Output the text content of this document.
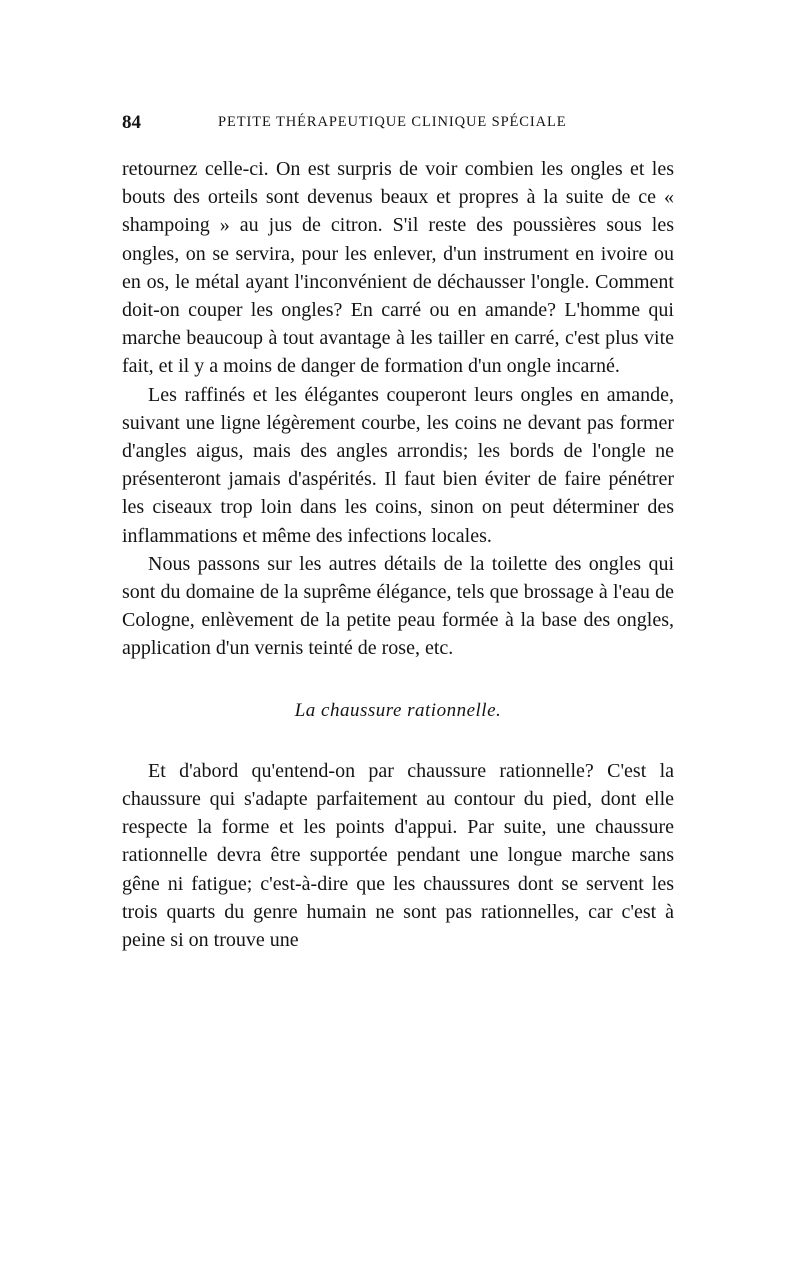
84	PETITE THÉRAPEUTIQUE CLINIQUE SPÉCIALE

retournez celle-ci. On est surpris de voir combien les ongles et les bouts des orteils sont devenus beaux et propres à la suite de ce « shampoing » au jus de citron. S'il reste des poussières sous les ongles, on se servira, pour les enlever, d'un instrument en ivoire ou en os, le métal ayant l'inconvénient de déchausser l'ongle. Comment doit-on couper les ongles? En carré ou en amande? L'homme qui marche beaucoup à tout avantage à les tailler en carré, c'est plus vite fait, et il y a moins de danger de formation d'un ongle incarné.

Les raffinés et les élégantes couperont leurs ongles en amande, suivant une ligne légèrement courbe, les coins ne devant pas former d'angles aigus, mais des angles arrondis; les bords de l'ongle ne présenteront jamais d'aspérités. Il faut bien éviter de faire pénétrer les ciseaux trop loin dans les coins, sinon on peut déterminer des inflammations et même des infections locales.

Nous passons sur les autres détails de la toilette des ongles qui sont du domaine de la suprême élégance, tels que brossage à l'eau de Cologne, enlèvement de la petite peau formée à la base des ongles, application d'un vernis teinté de rose, etc.

La chaussure rationnelle.

Et d'abord qu'entend-on par chaussure rationnelle? C'est la chaussure qui s'adapte parfaitement au contour du pied, dont elle respecte la forme et les points d'appui. Par suite, une chaussure rationnelle devra être supportée pendant une longue marche sans gêne ni fatigue; c'est-à-dire que les chaussures dont se servent les trois quarts du genre humain ne sont pas rationnelles, car c'est à peine si on trouve une
